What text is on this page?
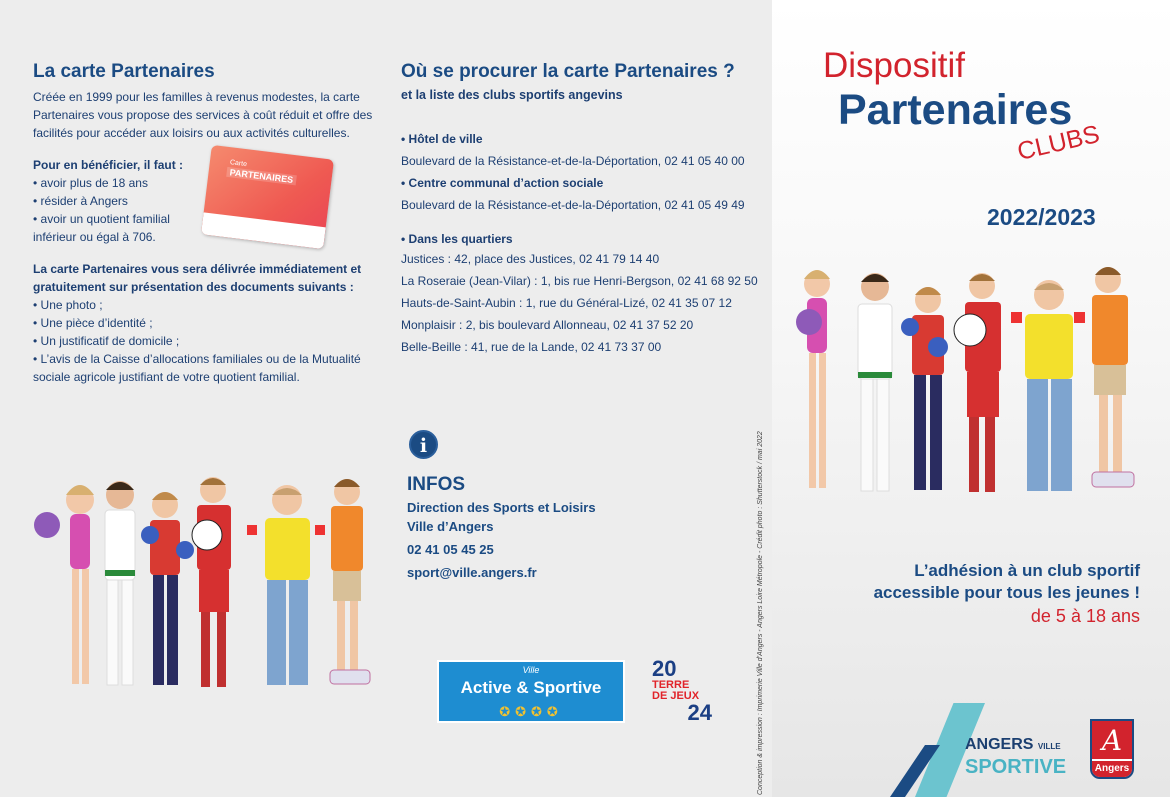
La carte Partenaires
Créée en 1999 pour les familles à revenus modestes, la carte Partenaires vous propose des services à coût réduit et offre des facilités pour accéder aux loisirs ou aux activités culturelles.
Pour en bénéficier, il faut :
• avoir plus de 18 ans
• résider à Angers
• avoir un quotient familial
inférieur ou égal à 706.
La carte Partenaires vous sera délivrée immédiatement et gratuitement sur présentation des documents suivants :
• Une photo ;
• Une pièce d’identité ;
• Un justificatif de domicile ;
• L’avis de la Caisse d’allocations familiales ou de la Mutualité sociale agricole justifiant de votre quotient familial.
Carte
PARTENAIRES
Où se procurer la carte Partenaires ?
et la liste des clubs sportifs angevins
• Hôtel de ville
Boulevard de la Résistance-et-de-la-Déportation, 02 41 05 40 00
• Centre communal d’action sociale
Boulevard de la Résistance-et-de-la-Déportation, 02 41 05 49 49
• Dans les quartiers
Justices : 42, place des Justices, 02 41 79 14 40
La Roseraie (Jean-Vilar) : 1, bis rue Henri-Bergson, 02 41 68 92 50
Hauts-de-Saint-Aubin : 1, rue du Général-Lizé, 02 41 35 07 12
Monplaisir : 2, bis boulevard Allonneau, 02 41 37 52 20
Belle-Beille : 41, rue de la Lande, 02 41 73 37 00
i
INFOS
Direction des Sports et Loisirs
Ville d’Angers
02 41 05 45 25
sport@ville.angers.fr
Ville
Active & Sportive
✪✪✪✪
20
TERRE
DE JEUX
24	Conception & impression : Imprimerie Ville d’Angers - Angers Loire Métropole - Crédit photo : Shutterstock / mai 2022
Dispositif
Partenaires
CLUBS
2022/2023
L’adhésion à un club sportif
accessible pour tous les jeunes !
de 5 à 18 ans
ANGERS VILLE
SPORTIVE
A
Angers
